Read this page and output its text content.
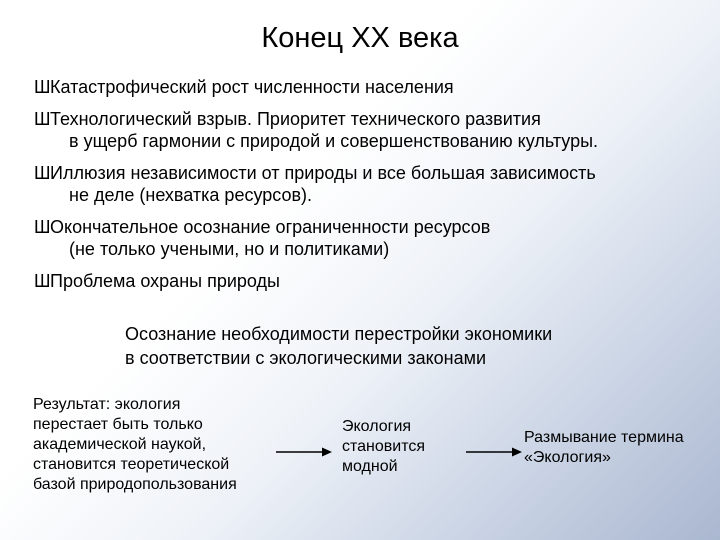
Конец ХХ века
Ш Катастрофический рост численности населения
Ш Технологический взрыв. Приоритет технического развития
в ущерб гармонии с природой и совершенствованию культуры.
Ш Иллюзия независимости от природы и все большая зависимость
не деле (нехватка ресурсов).
Ш Окончательное осознание ограниченности ресурсов
(не только учеными, но и политиками)
Ш Проблема охраны природы
Осознание необходимости перестройки экономики
в соответствии с экологическими законами
Результат: экология
перестает быть только
академической наукой,
становится теоретической
базой природопользования
Экология
становится
модной
Размывание термина
«Экология»
